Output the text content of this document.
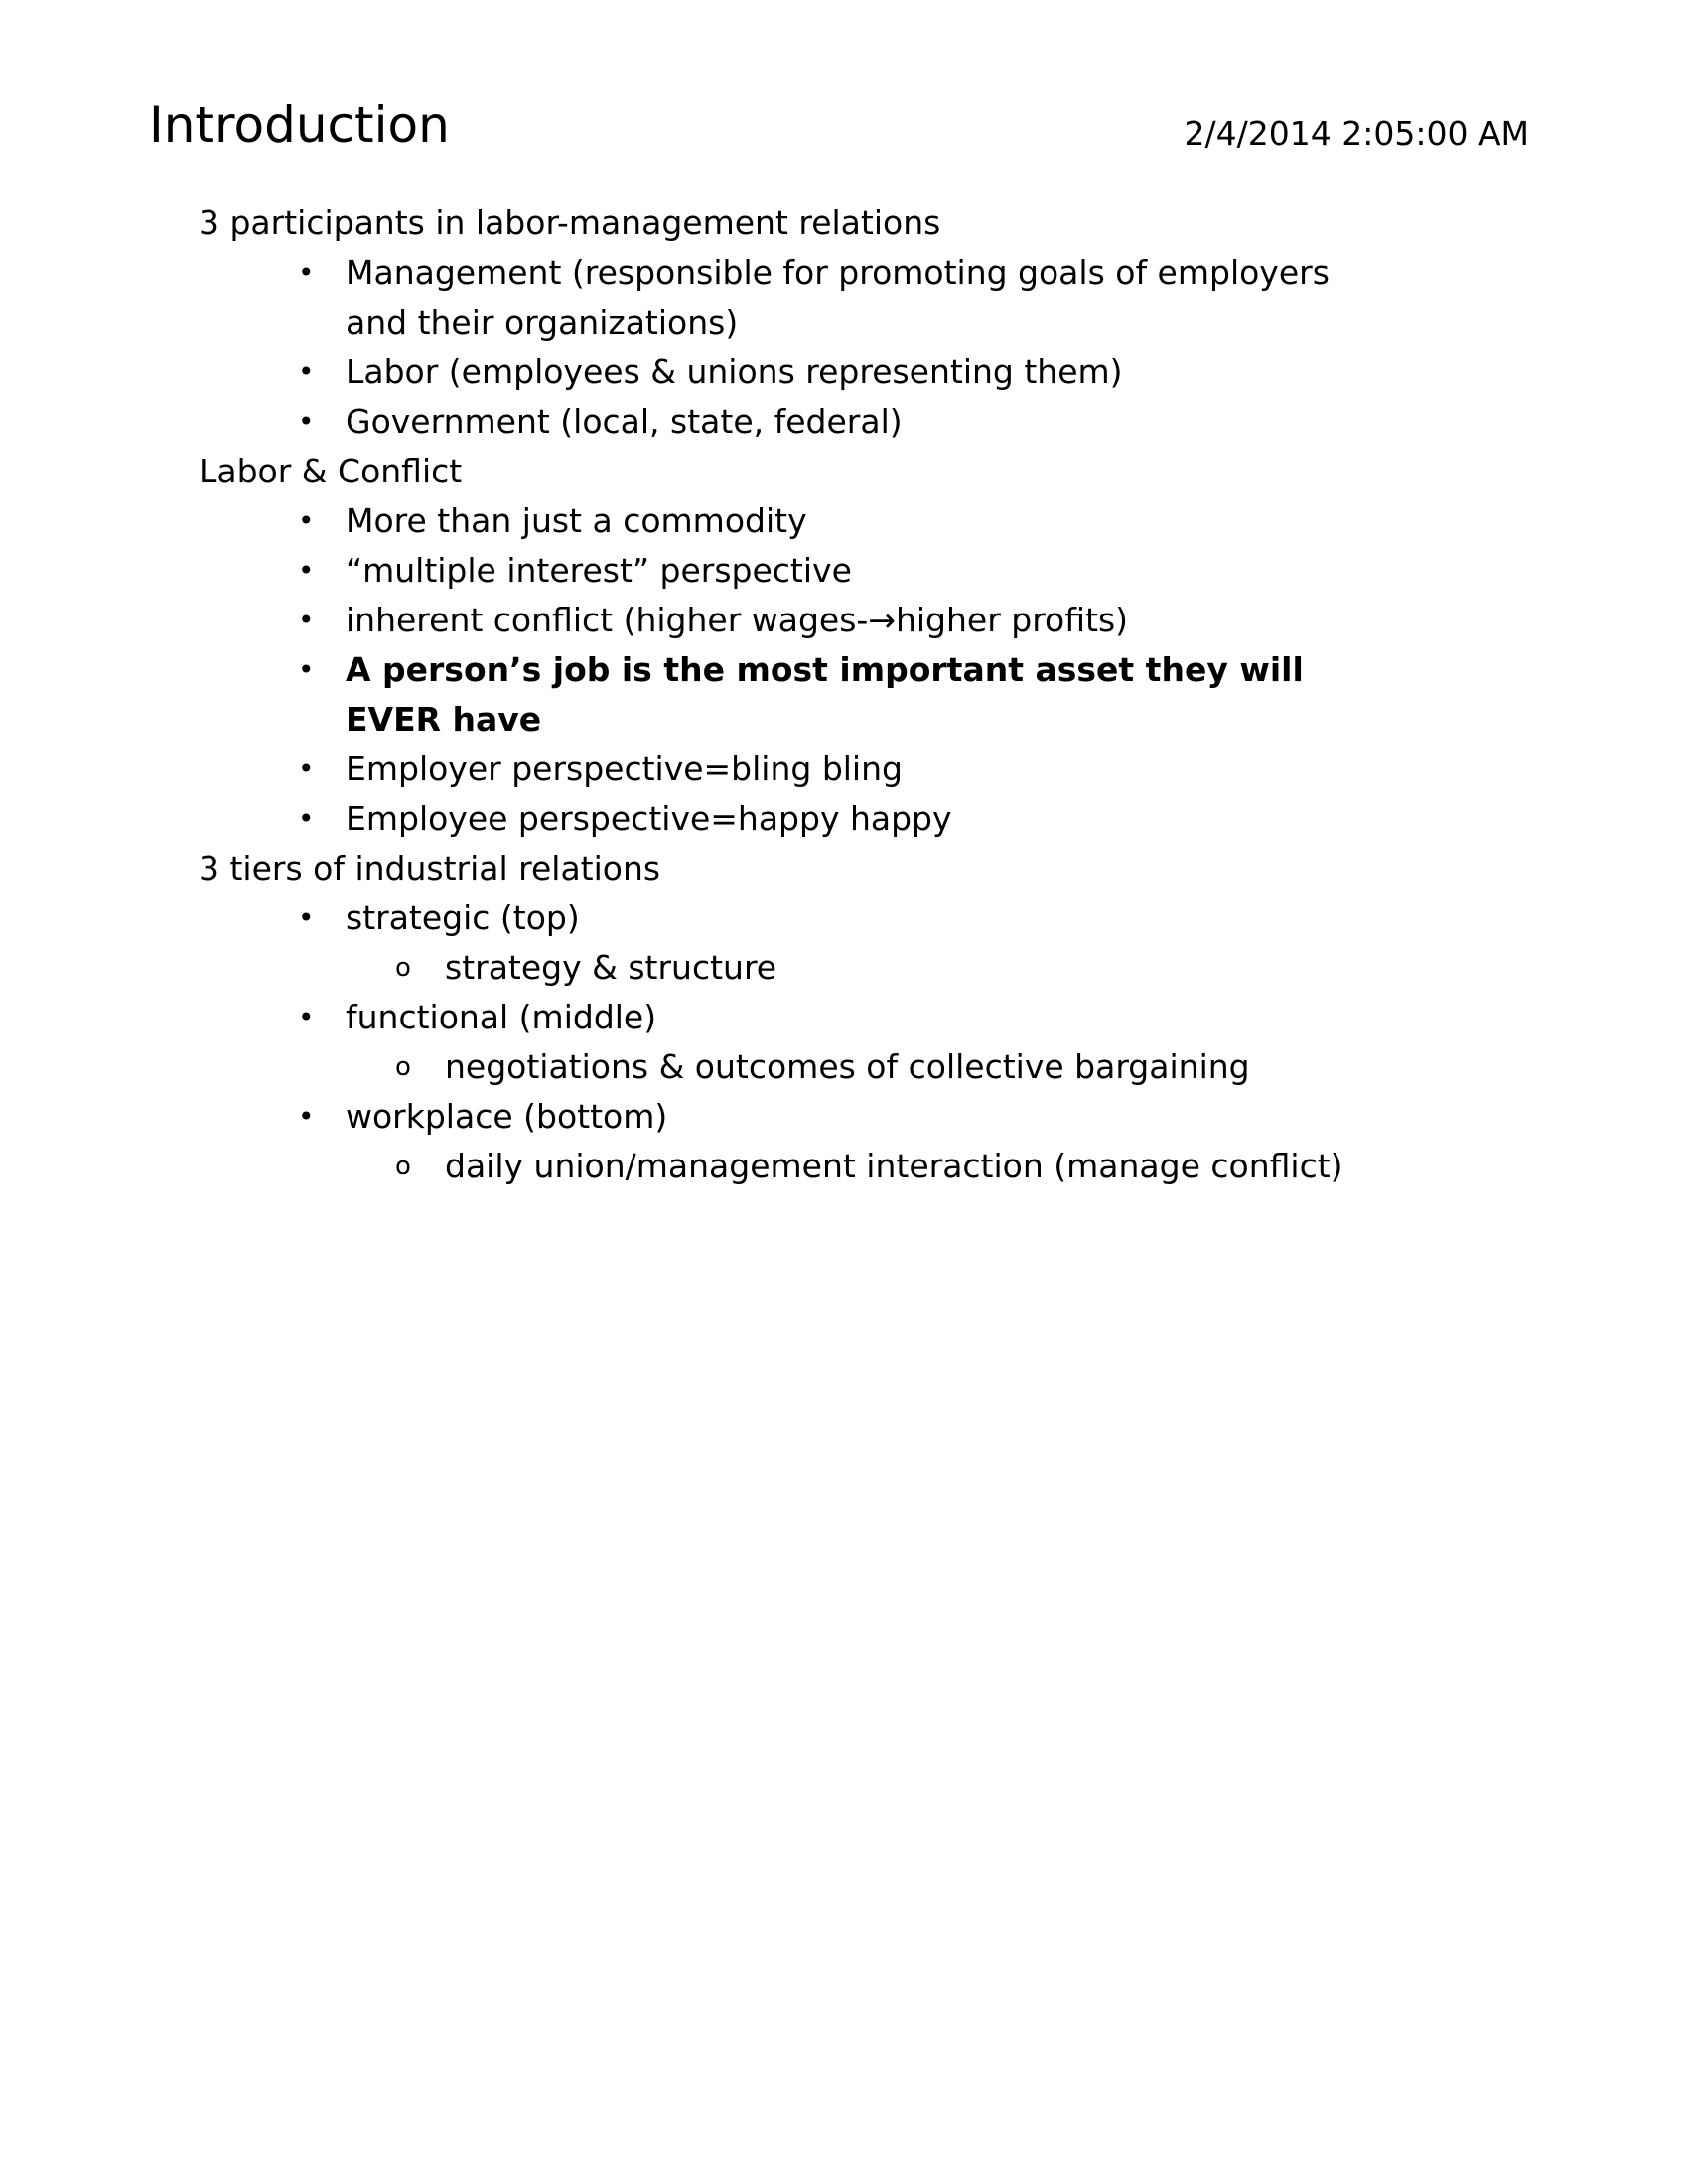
Introduction	2/4/2014 2:05:00 AM

3 participants in labor-management relations

• Management (responsible for promoting goals of employers and their organizations)
• Labor (employees & unions representing them)
• Government (local, state, federal)

Labor & Conflict

• More than just a commodity
• “multiple interest” perspective
• inherent conflict (higher wages-→higher profits)
• A person’s job is the most important asset they will EVER have
• Employer perspective=bling bling
• Employee perspective=happy happy

3 tiers of industrial relations

• strategic (top)
o strategy & structure
• functional (middle)
o negotiations & outcomes of collective bargaining
• workplace (bottom)
o daily union/management interaction (manage conflict)
